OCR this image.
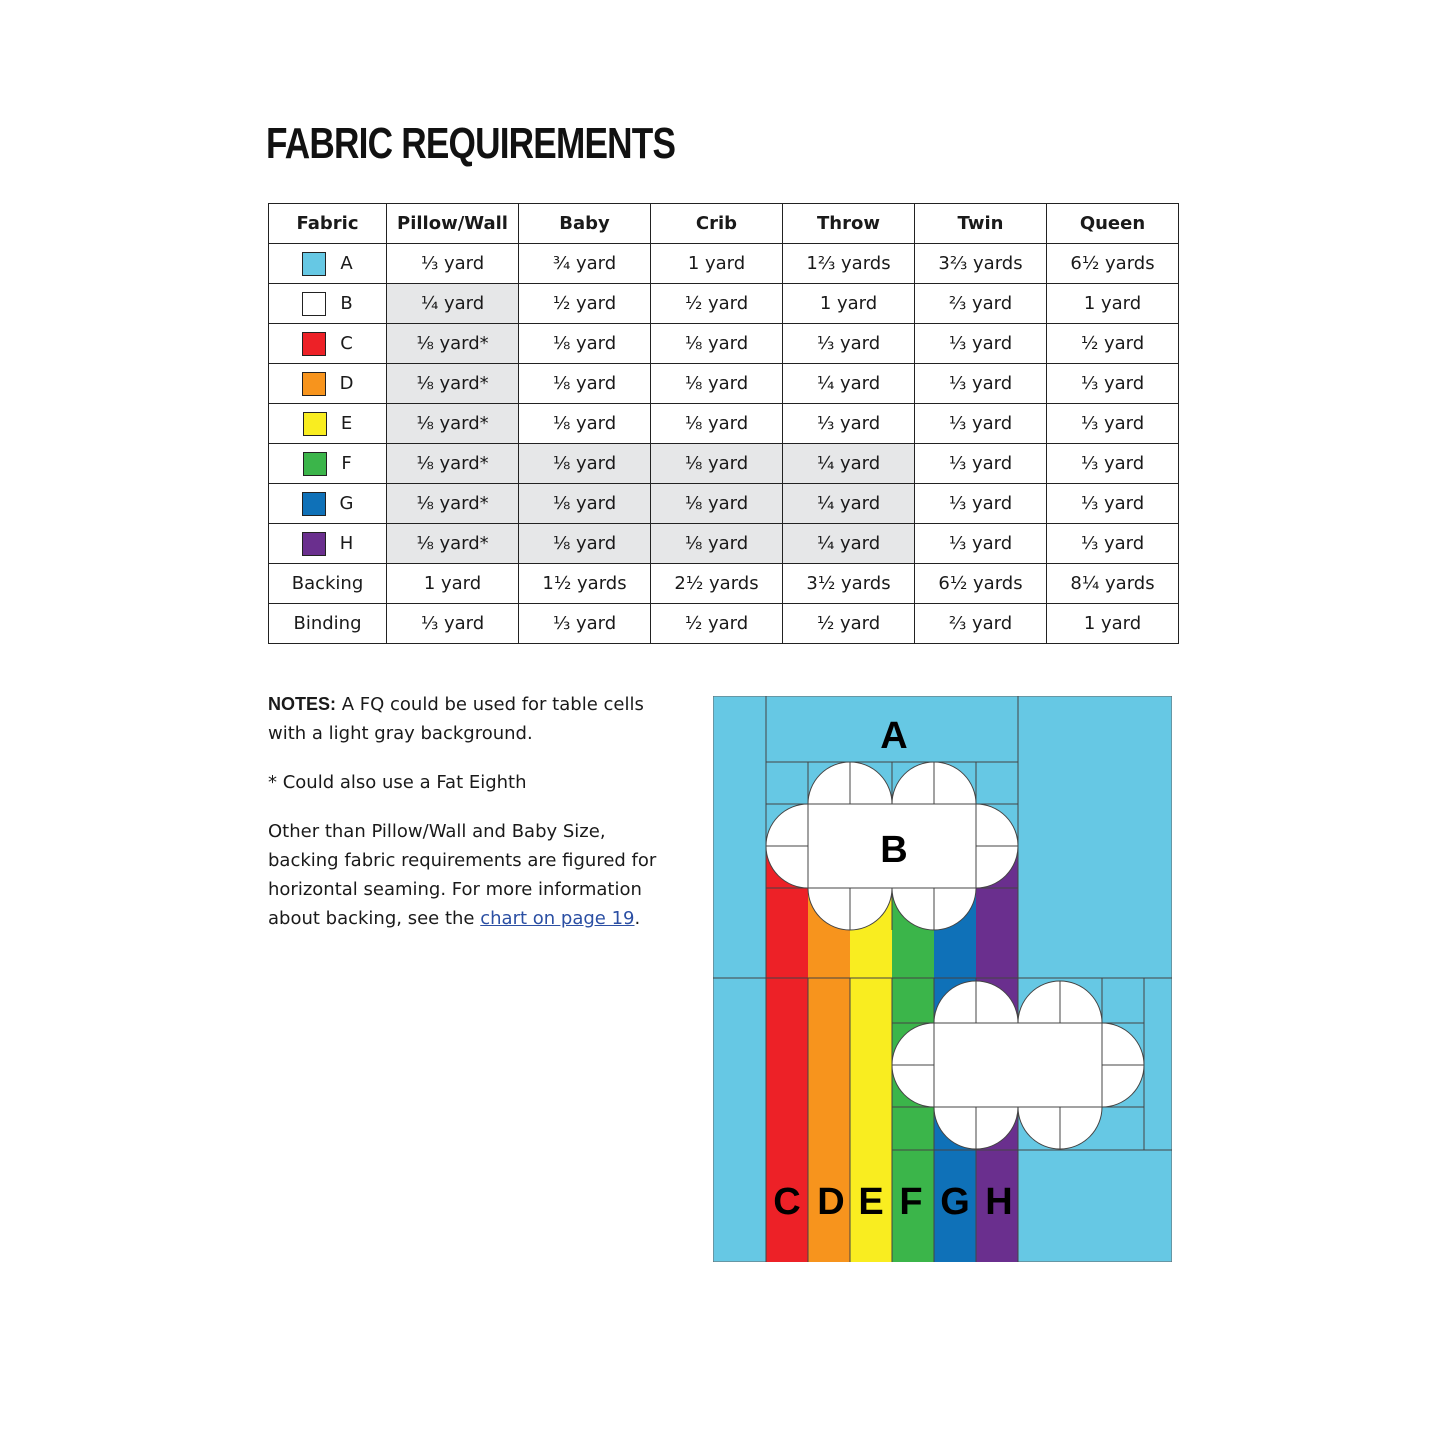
FABRIC REQUIREMENTS
Fabric	Pillow/Wall	Baby	Crib	Throw	Twin	Queen

A	⅓ yard	¾ yard	1 yard	1⅔ yards	3⅔ yards	6½ yards

B	¼ yard	½ yard	½ yard	1 yard	⅔ yard	1 yard

C	⅛ yard*	⅛ yard	⅛ yard	⅓ yard	⅓ yard	½ yard

D	⅛ yard*	⅛ yard	⅛ yard	¼ yard	⅓ yard	⅓ yard

E	⅛ yard*	⅛ yard	⅛ yard	⅓ yard	⅓ yard	⅓ yard

F	⅛ yard*	⅛ yard	⅛ yard	¼ yard	⅓ yard	⅓ yard

G	⅛ yard*	⅛ yard	⅛ yard	¼ yard	⅓ yard	⅓ yard

H	⅛ yard*	⅛ yard	⅛ yard	¼ yard	⅓ yard	⅓ yard
Backing	1 yard	1½ yards	2½ yards	3½ yards	6½ yards	8¼ yards
Binding	⅓ yard	⅓ yard	½ yard	½ yard	⅔ yard	1 yard

NOTES: A FQ could be used for table cells with a light gray background.

* Could also use a Fat Eighth

Other than Pillow/Wall and Baby Size, backing fabric requirements are figured for horizontal seaming. For more information about backing, see the chart on page 19.

A
B
C D E F G H
